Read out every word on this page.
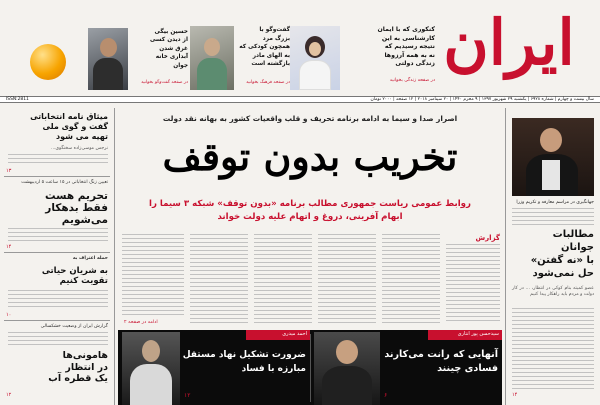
ایران
کنکوری که با ایمان
کارشناسی به این
نتیجه رسیدیم که
نه به همه آرزوها
زندگی دولتی
در صفحه زندگی بخوانید
گفت‌وگو با
بزرگ مرد
همچون کودکی که
به الهای مادر
بازگشته است
در صفحه فرهنگ بخوانید
حسین بیگی
از دیدن کسی
غرق شدن
آبداری خانه
جوان
در صفحه گفت‌وگو بخوانید
سال بیست و چهارم | شماره ۶۹۲۸ | یکشنبه ۲۹ شهریور ۱۳۹۷ | ۹ محرم ۱۴۴۰ | ۲۰ سپتامبر ۲۰۱۸ | ۱۲ صفحه | ۲۰۰۰ تومان
ISSN:2811
میثاق نامه انتخاباتی
گفت و گوی ملی
تهیه می شود
نرجس موسی‌زاده سخنگوی...
۱۳
تعیین زنگ انتخاباتی در ۱۵ ساعت ۵ اردیبهشت
تحریم هست
فقط بدهکار
می‌شویم
۱۴
حمله اعتراف به
به شریان حیاتی
تقویت کنیم
۱۰
گزارش ایران از وضعیت خشکسالی
هامونی‌ها
در انتظار
یک قطره آب
۱۲
جهانگیری در مراسم معارفه و تکریم وزرا
مطالبات
جوانان
با «نه گفتن»
حل نمی‌شود
عضو کمیته بنام کوکی در انتظار، ... در کار دولت و مردم باید راهکار پیدا کنیم
۱۴
اصرار صدا و سیما به ادامه برنامه تحریف و قلب واقعیات کشور به بهانه نقد دولت
تخریب بدون توقف
روابط عمومی ریاست جمهوری مطالب برنامه «بدون توقف» شبکه ۳ سیما را ابهام آفرینی، دروغ و اتهام علیه دولت خواند
گزارش
ادامه در صفحه ۲
سیدحسن پور انتاری
آنهایی که رانت می‌کارند
فسادی چینند
۶
احمد میدری
ضرورت تشکیل نهاد مستقل
مبارزه با فساد
۱۲
